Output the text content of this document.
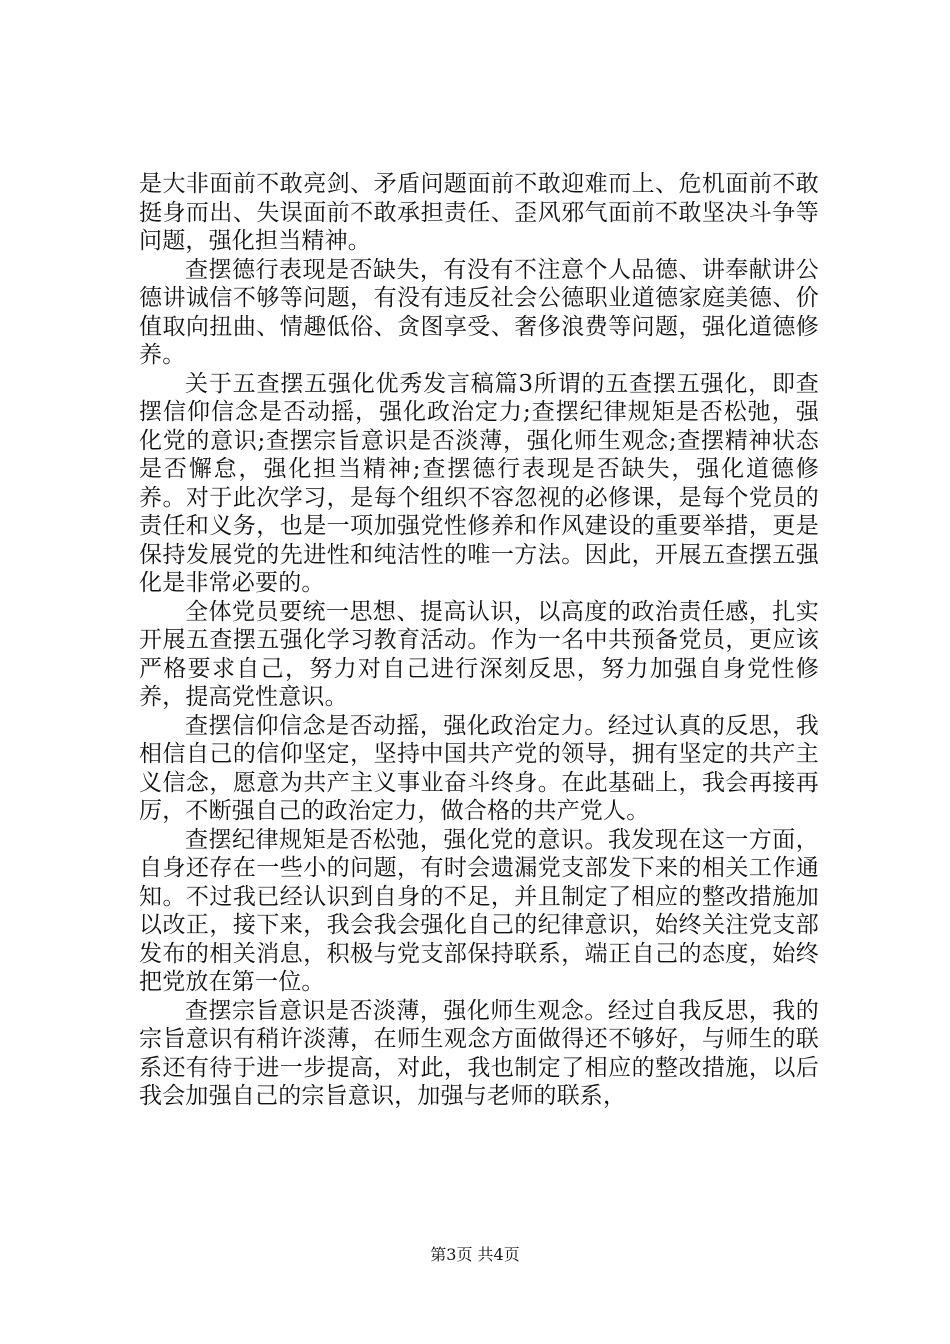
是大非面前不敢亮剑、矛盾问题面前不敢迎难而上、危机面前不敢挺身而出、失误面前不敢承担责任、歪风邪气面前不敢坚决斗争等问题，强化担当精神。

查摆德行表现是否缺失，有没有不注意个人品德、讲奉献讲公德讲诚信不够等问题，有没有违反社会公德职业道德家庭美德、价值取向扭曲、情趣低俗、贪图享受、奢侈浪费等问题，强化道德修养。

关于五查摆五强化优秀发言稿篇3所谓的五查摆五强化，即查摆信仰信念是否动摇，强化政治定力;查摆纪律规矩是否松弛，强化党的意识;查摆宗旨意识是否淡薄，强化师生观念;查摆精神状态是否懈怠，强化担当精神;查摆德行表现是否缺失，强化道德修养。对于此次学习，是每个组织不容忽视的必修课，是每个党员的责任和义务，也是一项加强党性修养和作风建设的重要举措，更是保持发展党的先进性和纯洁性的唯一方法。因此，开展五查摆五强化是非常必要的。

全体党员要统一思想、提高认识，以高度的政治责任感，扎实开展五查摆五强化学习教育活动。作为一名中共预备党员，更应该严格要求自己，努力对自己进行深刻反思，努力加强自身党性修养，提高党性意识。

查摆信仰信念是否动摇，强化政治定力。经过认真的反思，我相信自己的信仰坚定，坚持中国共产党的领导，拥有坚定的共产主义信念，愿意为共产主义事业奋斗终身。在此基础上，我会再接再厉，不断强自己的政治定力，做合格的共产党人。

查摆纪律规矩是否松弛，强化党的意识。我发现在这一方面，自身还存在一些小的问题，有时会遗漏党支部发下来的相关工作通知。不过我已经认识到自身的不足，并且制定了相应的整改措施加以改正，接下来，我会我会强化自己的纪律意识，始终关注党支部发布的相关消息，积极与党支部保持联系，端正自己的态度，始终把党放在第一位。

查摆宗旨意识是否淡薄，强化师生观念。经过自我反思，我的宗旨意识有稍许淡薄，在师生观念方面做得还不够好，与师生的联系还有待于进一步提高，对此，我也制定了相应的整改措施，以后我会加强自己的宗旨意识，加强与老师的联系，

第3页 共4页
